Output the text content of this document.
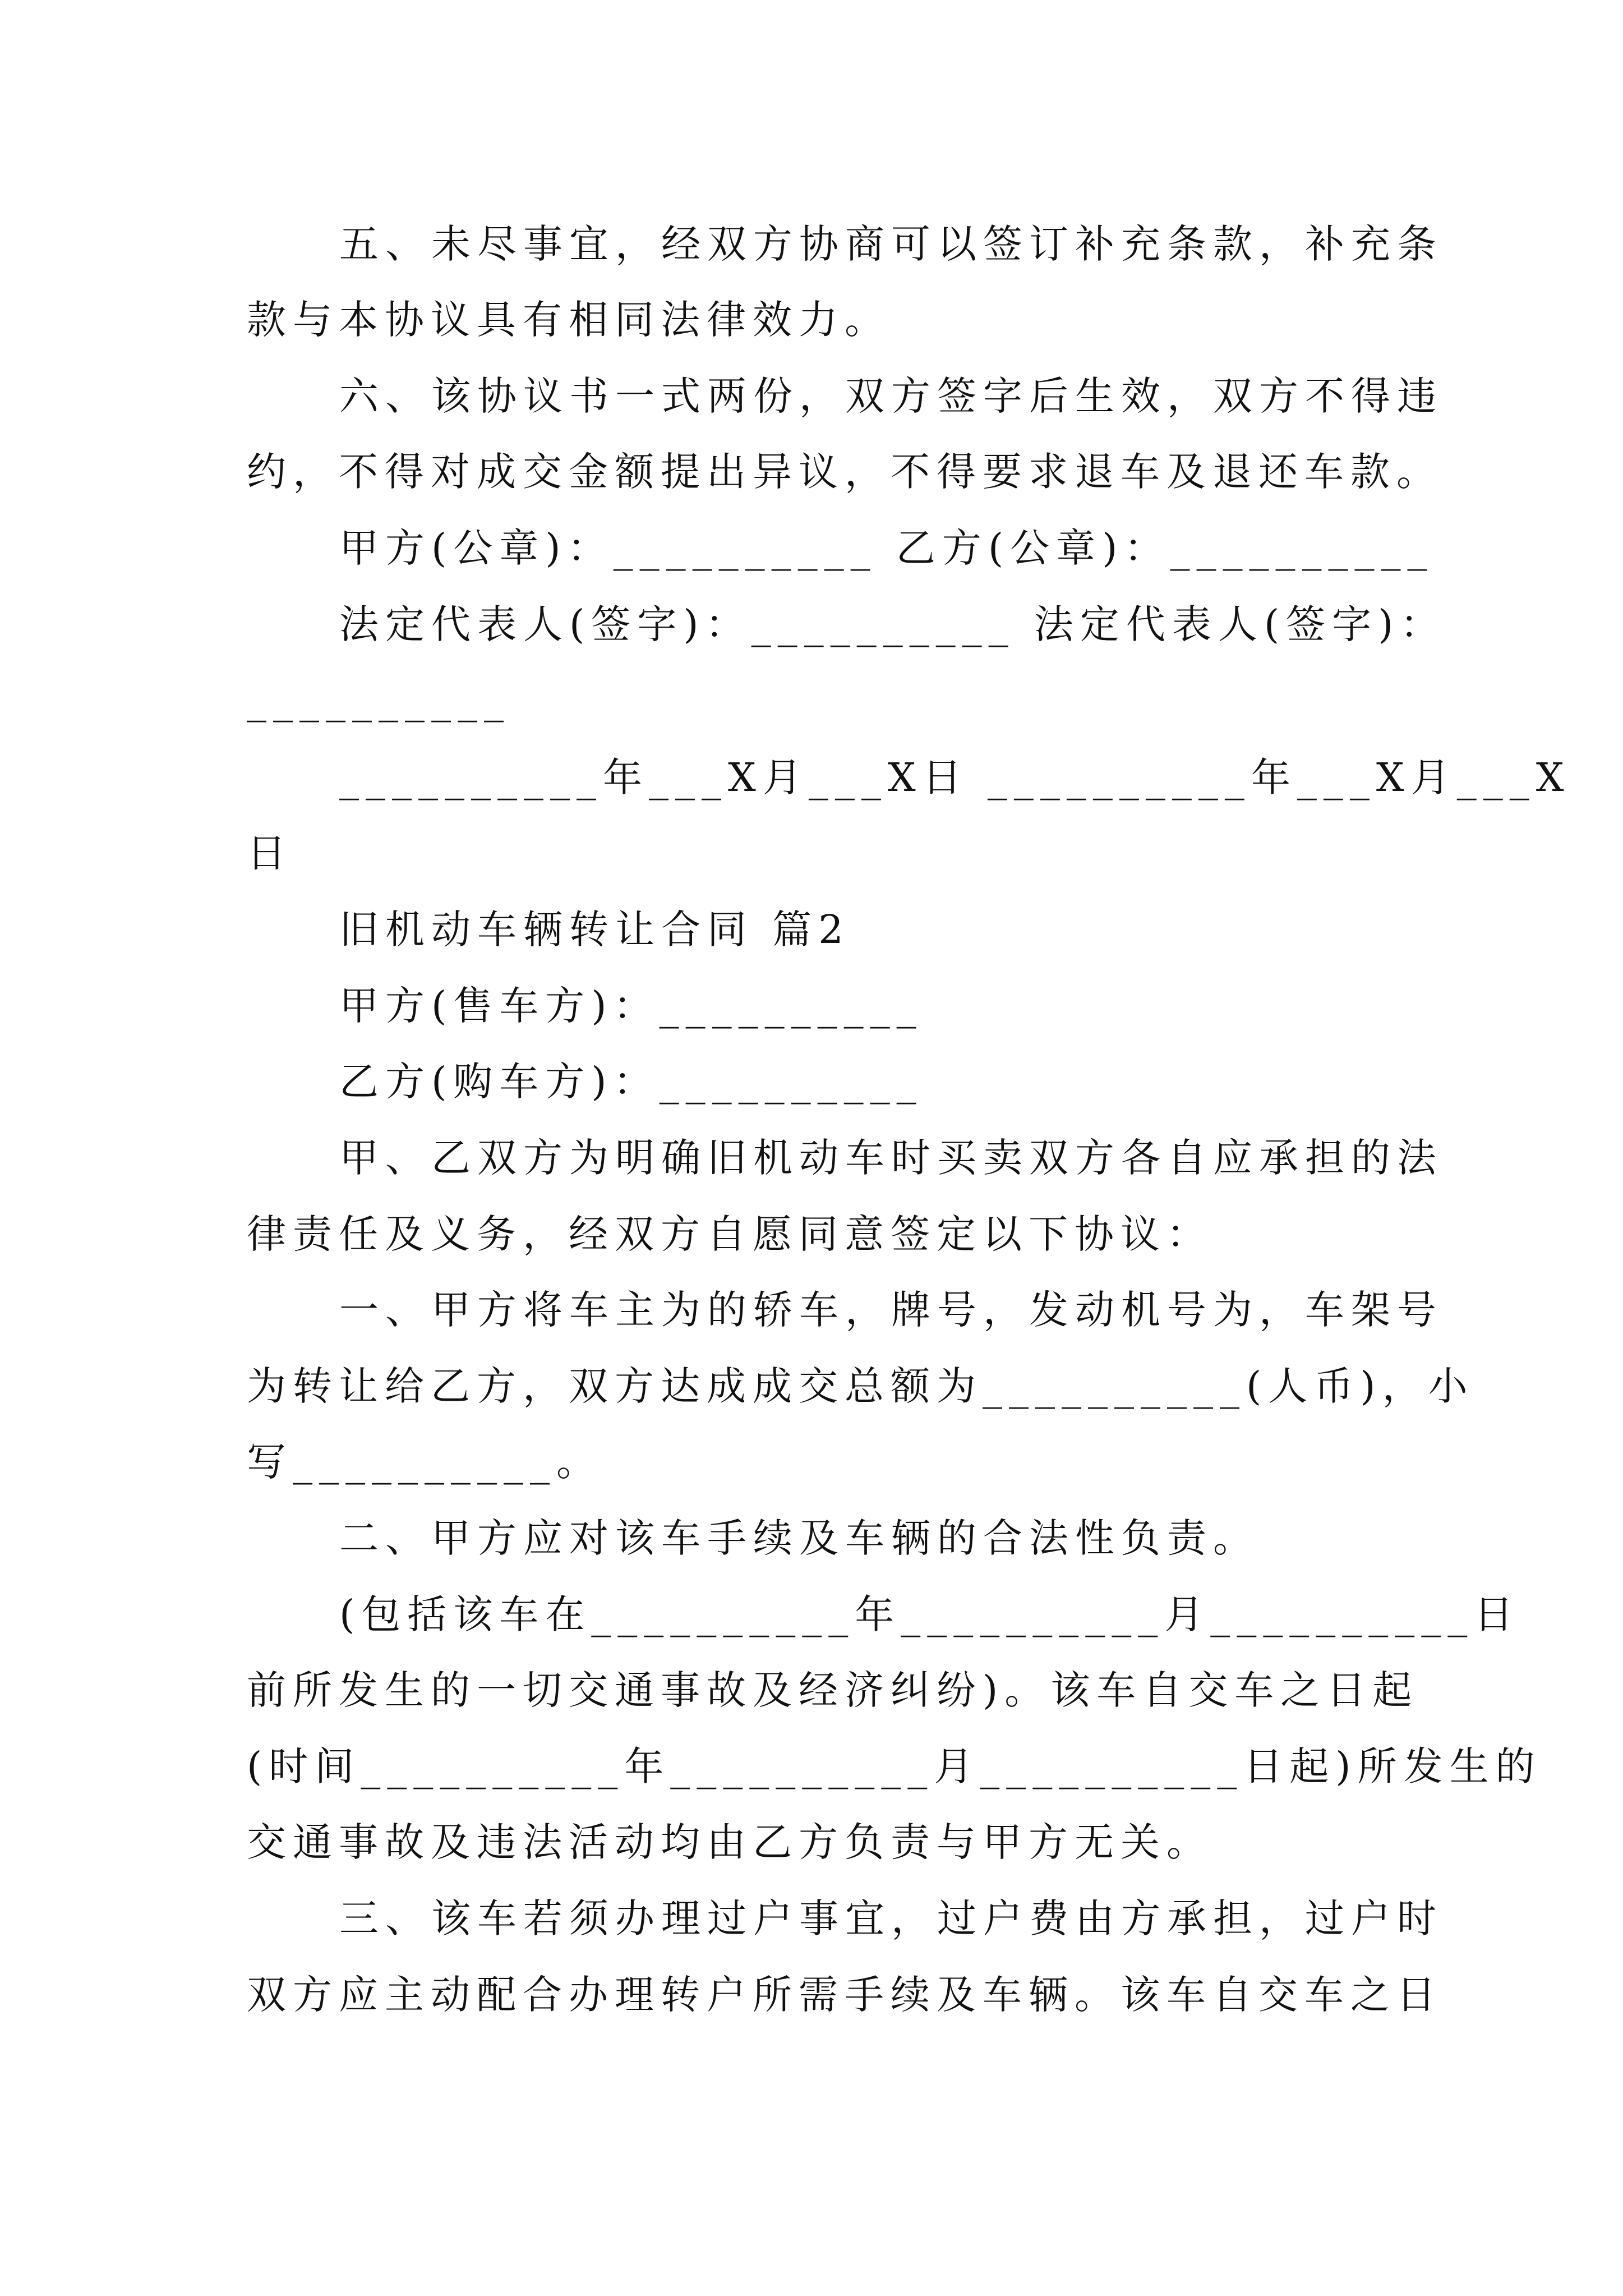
五、未尽事宜，经双方协商可以签订补充条款，补充条
款与本协议具有相同法律效力。
六、该协议书一式两份，双方签字后生效，双方不得违
约，不得对成交金额提出异议，不得要求退车及退还车款。
甲方(公章)：__________ 乙方(公章)：__________
法定代表人(签字)：__________ 法定代表人(签字)：
__________
__________年___X月___X日 __________年___X月___X
日
旧机动车辆转让合同 篇2
甲方(售车方)：__________
乙方(购车方)：__________
甲、乙双方为明确旧机动车时买卖双方各自应承担的法
律责任及义务，经双方自愿同意签定以下协议：
一、甲方将车主为的轿车，牌号，发动机号为，车架号
为转让给乙方，双方达成成交总额为__________(人币)，小
写__________。
二、甲方应对该车手续及车辆的合法性负责。
(包括该车在__________年__________月__________日
前所发生的一切交通事故及经济纠纷)。该车自交车之日起
(时间__________年__________月__________日起)所发生的
交通事故及违法活动均由乙方负责与甲方无关。
三、该车若须办理过户事宜，过户费由方承担，过户时
双方应主动配合办理转户所需手续及车辆。该车自交车之日
